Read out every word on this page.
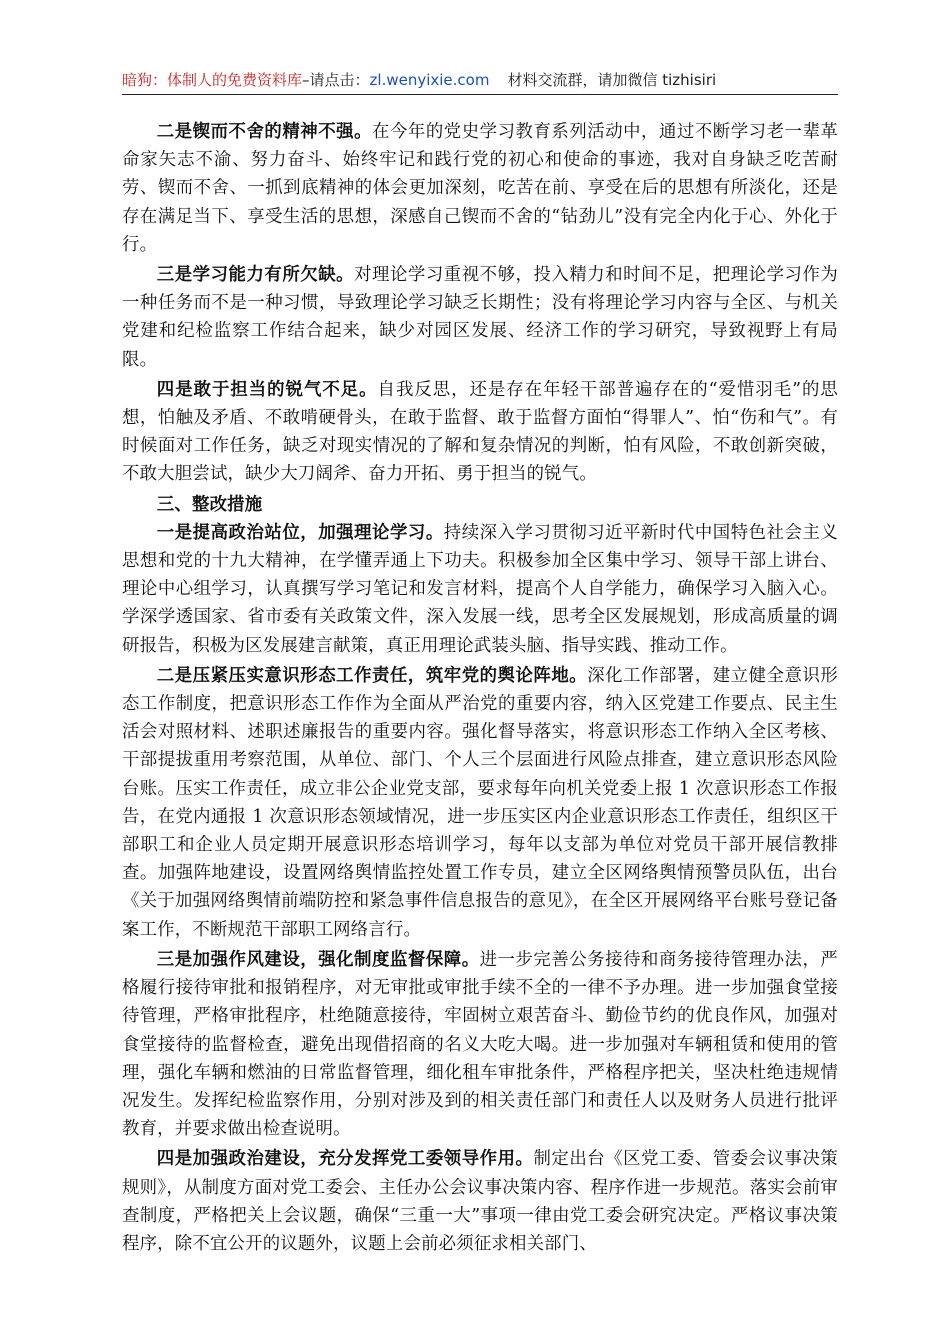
暗狗：体制人的免费资料库–请点击：zl.wenyixie.com 材料交流群，请加微信 tizhisiri

二是锲而不舍的精神不强。在今年的党史学习教育系列活动中，通过不断学习老一辈革命家矢志不渝、努力奋斗、始终牢记和践行党的初心和使命的事迹，我对自身缺乏吃苦耐劳、锲而不舍、一抓到底精神的体会更加深刻，吃苦在前、享受在后的思想有所淡化，还是存在满足当下、享受生活的思想，深感自己锲而不舍的“钻劲儿”没有完全内化于心、外化于行。

三是学习能力有所欠缺。对理论学习重视不够，投入精力和时间不足，把理论学习作为一种任务而不是一种习惯，导致理论学习缺乏长期性；没有将理论学习内容与全区、与机关党建和纪检监察工作结合起来，缺少对园区发展、经济工作的学习研究，导致视野上有局限。

四是敢于担当的锐气不足。自我反思，还是存在年轻干部普遍存在的“爱惜羽毛”的思想，怕触及矛盾、不敢啃硬骨头，在敢于监督、敢于监督方面怕“得罪人”、怕“伤和气”。有时候面对工作任务，缺乏对现实情况的了解和复杂情况的判断，怕有风险，不敢创新突破，不敢大胆尝试，缺少大刀阔斧、奋力开拓、勇于担当的锐气。

三、整改措施

一是提高政治站位，加强理论学习。持续深入学习贯彻习近平新时代中国特色社会主义思想和党的十九大精神，在学懂弄通上下功夫。积极参加全区集中学习、领导干部上讲台、理论中心组学习，认真撰写学习笔记和发言材料，提高个人自学能力，确保学习入脑入心。学深学透国家、省市委有关政策文件，深入发展一线，思考全区发展规划，形成高质量的调研报告，积极为区发展建言献策，真正用理论武装头脑、指导实践、推动工作。

二是压紧压实意识形态工作责任，筑牢党的舆论阵地。深化工作部署，建立健全意识形态工作制度，把意识形态工作作为全面从严治党的重要内容，纳入区党建工作要点、民主生活会对照材料、述职述廉报告的重要内容。强化督导落实，将意识形态工作纳入全区考核、干部提拔重用考察范围，从单位、部门、个人三个层面进行风险点排查，建立意识形态风险台账。压实工作责任，成立非公企业党支部，要求每年向机关党委上报 1 次意识形态工作报告，在党内通报 1 次意识形态领域情况，进一步压实区内企业意识形态工作责任，组织区干部职工和企业人员定期开展意识形态培训学习，每年以支部为单位对党员干部开展信教排查。加强阵地建设，设置网络舆情监控处置工作专员，建立全区网络舆情预警员队伍，出台《关于加强网络舆情前端防控和紧急事件信息报告的意见》，在全区开展网络平台账号登记备案工作，不断规范干部职工网络言行。

三是加强作风建设，强化制度监督保障。进一步完善公务接待和商务接待管理办法，严格履行接待审批和报销程序，对无审批或审批手续不全的一律不予办理。进一步加强食堂接待管理，严格审批程序，杜绝随意接待，牢固树立艰苦奋斗、勤俭节约的优良作风，加强对食堂接待的监督检查，避免出现借招商的名义大吃大喝。进一步加强对车辆租赁和使用的管理，强化车辆和燃油的日常监督管理，细化租车审批条件，严格程序把关，坚决杜绝违规情况发生。发挥纪检监察作用，分别对涉及到的相关责任部门和责任人以及财务人员进行批评教育，并要求做出检查说明。

四是加强政治建设，充分发挥党工委领导作用。制定出台《区党工委、管委会议事决策规则》，从制度方面对党工委会、主任办公会议事决策内容、程序作进一步规范。落实会前审查制度，严格把关上会议题，确保“三重一大”事项一律由党工委会研究决定。严格议事决策程序，除不宜公开的议题外，议题上会前必须征求相关部门、
